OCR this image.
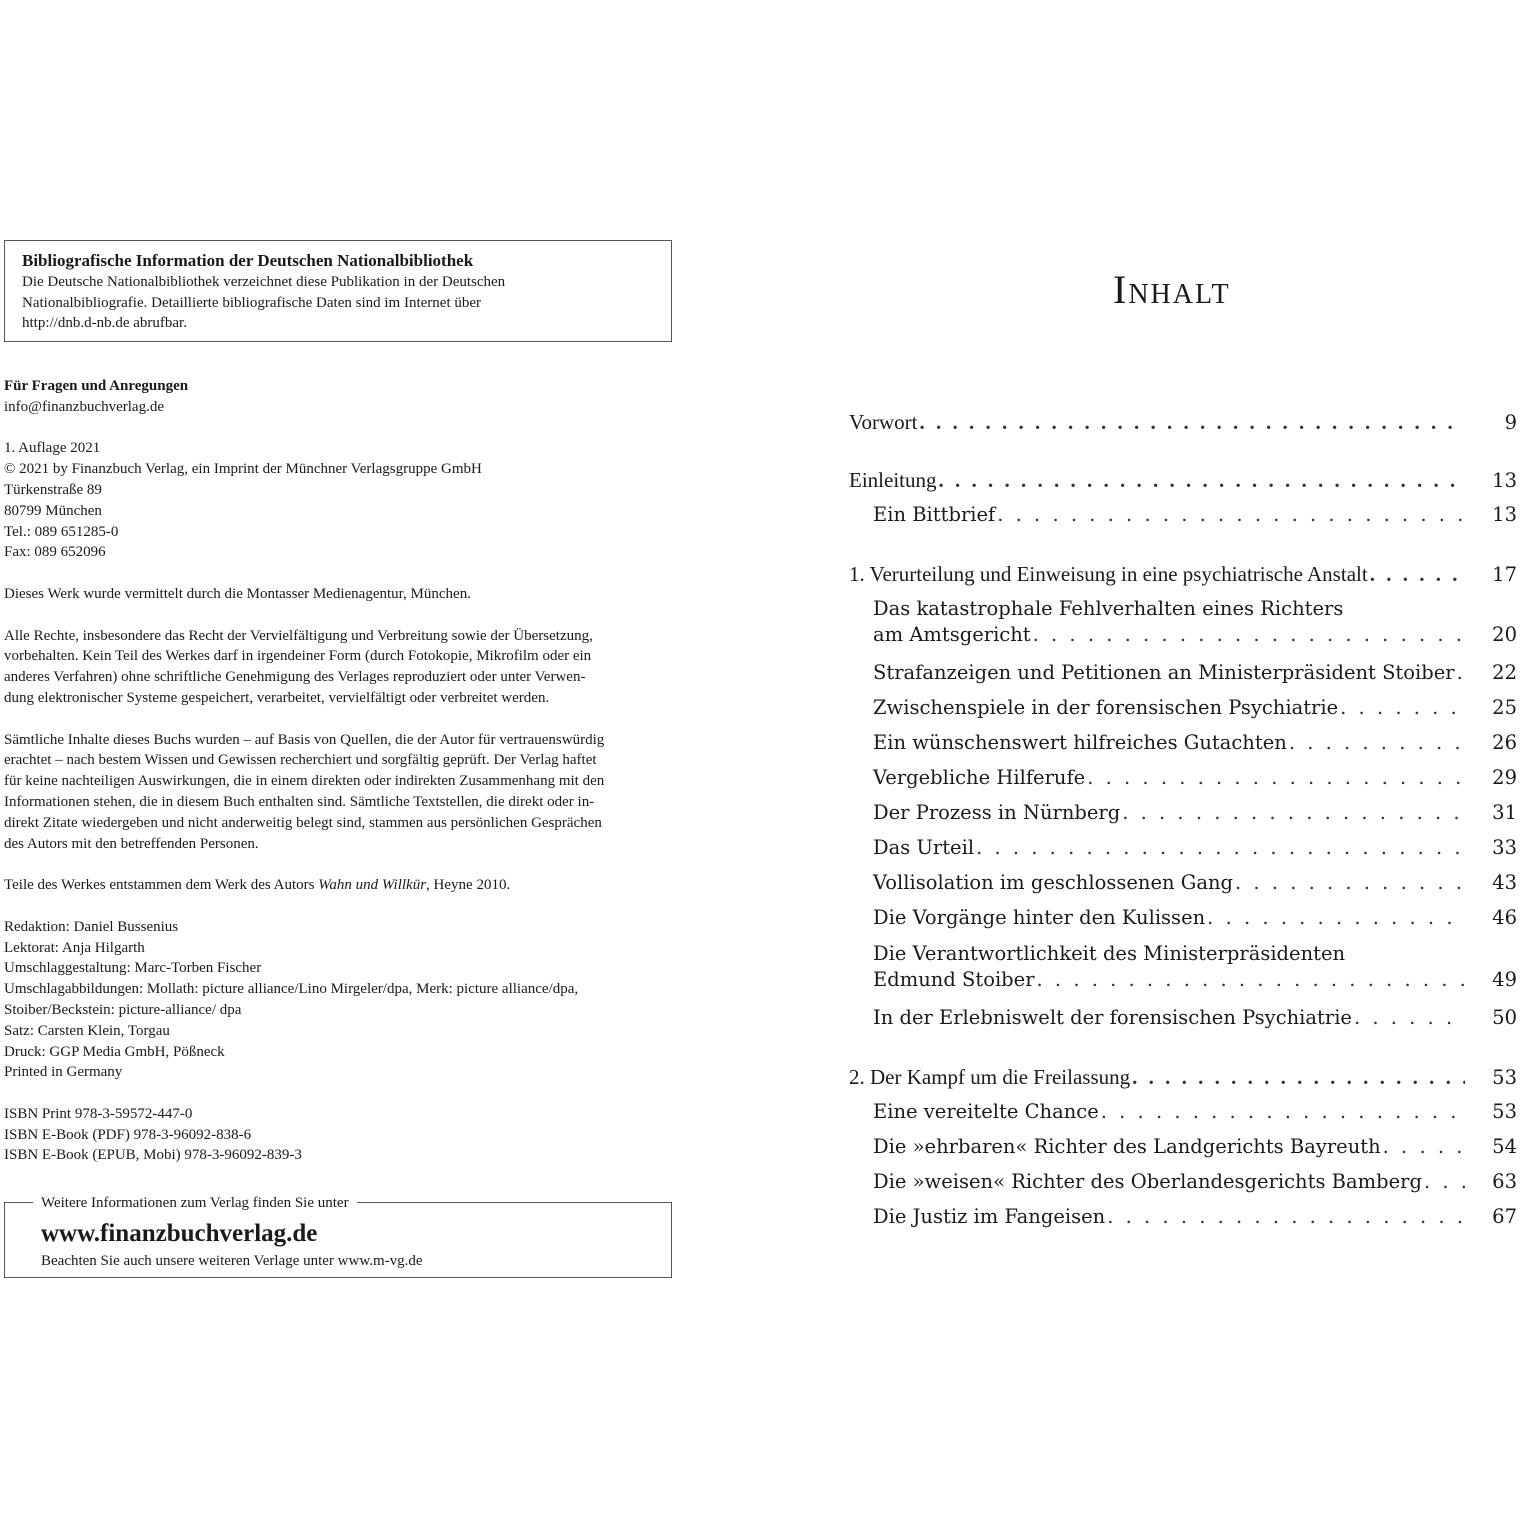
Bibliografische Information der Deutschen Nationalbibliothek
Die Deutsche Nationalbibliothek verzeichnet diese Publikation in der Deutschen
Nationalbibliografie. Detaillierte bibliografische Daten sind im Internet über
http://dnb.d-nb.de abrufbar.
Für Fragen und Anregungen
info@finanzbuchverlag.de
1. Auflage 2021
© 2021 by Finanzbuch Verlag, ein Imprint der Münchner Verlagsgruppe GmbH
Türkenstraße 89
80799 München
Tel.: 089 651285-0
Fax: 089 652096
Dieses Werk wurde vermittelt durch die Montasser Medienagentur, München.
Alle Rechte, insbesondere das Recht der Vervielfältigung und Verbreitung sowie der Übersetzung,
vorbehalten. Kein Teil des Werkes darf in irgendeiner Form (durch Fotokopie, Mikrofilm oder ein
anderes Verfahren) ohne schriftliche Genehmigung des Verlages reproduziert oder unter Verwen-
dung elektronischer Systeme gespeichert, verarbeitet, vervielfältigt oder verbreitet werden.
Sämtliche Inhalte dieses Buchs wurden – auf Basis von Quellen, die der Autor für vertrauenswürdig
erachtet – nach bestem Wissen und Gewissen recherchiert und sorgfältig geprüft. Der Verlag haftet
für keine nachteiligen Auswirkungen, die in einem direkten oder indirekten Zusammenhang mit den
Informationen stehen, die in diesem Buch enthalten sind. Sämtliche Textstellen, die direkt oder in-
direkt Zitate wiedergeben und nicht anderweitig belegt sind, stammen aus persönlichen Gesprächen
des Autors mit den betreffenden Personen.
Teile des Werkes entstammen dem Werk des Autors Wahn und Willkür, Heyne 2010.
Redaktion: Daniel Bussenius
Lektorat: Anja Hilgarth
Umschlaggestaltung: Marc-Torben Fischer
Umschlagabbildungen: Mollath: picture alliance/Lino Mirgeler/dpa, Merk: picture alliance/dpa,
Stoiber/Beckstein: picture-alliance/ dpa
Satz: Carsten Klein, Torgau
Druck: GGP Media GmbH, Pößneck
Printed in Germany
ISBN Print 978-3-59572-447-0
ISBN E-Book (PDF) 978-3-96092-838-6
ISBN E-Book (EPUB, Mobi) 978-3-96092-839-3
Weitere Informationen zum Verlag finden Sie unter
www.finanzbuchverlag.de
Beachten Sie auch unsere weiteren Verlage unter www.m-vg.de
Inhalt
Vorwort . . .	9
Einleitung . . .	13
Ein Bittbrief . . .	13
1. Verurteilung und Einweisung in eine psychiatrische Anstalt . . .	17
Das katastrophale Fehlverhalten eines Richters
am Amtsgericht . . .	20
Strafanzeigen und Petitionen an Ministerpräsident Stoiber . . .	22
Zwischenspiele in der forensischen Psychiatrie . . .	25
Ein wünschenswert hilfreiches Gutachten . . .	26
Vergebliche Hilferufe . . .	29
Der Prozess in Nürnberg . . .	31
Das Urteil . . .	33
Vollisolation im geschlossenen Gang . . .	43
Die Vorgänge hinter den Kulissen . . .	46
Die Verantwortlichkeit des Ministerpräsidenten
Edmund Stoiber . . .	49
In der Erlebniswelt der forensischen Psychiatrie . . .	50
2. Der Kampf um die Freilassung . . .	53
Eine vereitelte Chance . . .	53
Die »ehrbaren« Richter des Landgerichts Bayreuth . . .	54
Die »weisen« Richter des Oberlandesgerichts Bamberg . . .	63
Die Justiz im Fangeisen . . .	67
